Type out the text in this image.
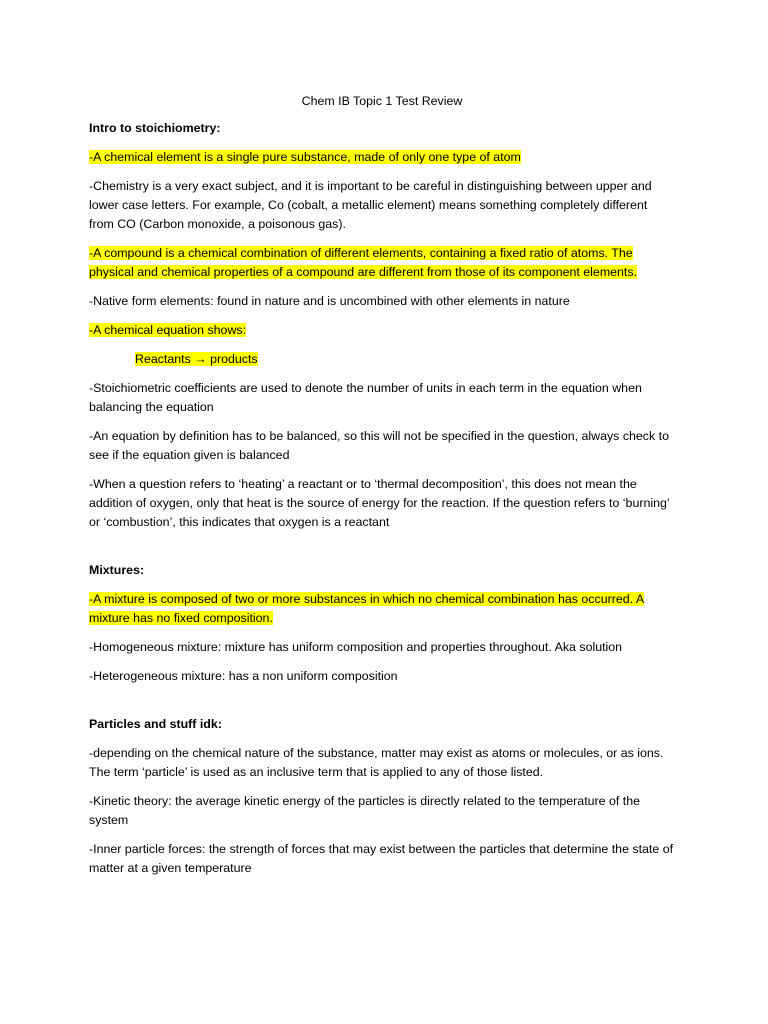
Chem IB Topic 1 Test Review
Intro to stoichiometry:
-A chemical element is a single pure substance, made of only one type of atom
-Chemistry is a very exact subject, and it is important to be careful in distinguishing between upper and lower case letters. For example, Co (cobalt, a metallic element) means something completely different from CO (Carbon monoxide, a poisonous gas).
-A compound is a chemical combination of different elements, containing a fixed ratio of atoms. The physical and chemical properties of a compound are different from those of its component elements.
-Native form elements: found in nature and is uncombined with other elements in nature
-A chemical equation shows:
Reactants → products
-Stoichiometric coefficients are used to denote the number of units in each term in the equation when balancing the equation
-An equation by definition has to be balanced, so this will not be specified in the question, always check to see if the equation given is balanced
-When a question refers to ‘heating’ a reactant or to ‘thermal decomposition’, this does not mean the addition of oxygen, only that heat is the source of energy for the reaction. If the question refers to ‘burning’ or ‘combustion’, this indicates that oxygen is a reactant
Mixtures:
-A mixture is composed of two or more substances in which no chemical combination has occurred. A mixture has no fixed composition.
-Homogeneous mixture: mixture has uniform composition and properties throughout. Aka solution
-Heterogeneous mixture: has a non uniform composition
Particles and stuff idk:
-depending on the chemical nature of the substance, matter may exist as atoms or molecules, or as ions. The term ‘particle’ is used as an inclusive term that is applied to any of those listed.
-Kinetic theory: the average kinetic energy of the particles is directly related to the temperature of the system
-Inner particle forces: the strength of forces that may exist between the particles that determine the state of matter at a given temperature
